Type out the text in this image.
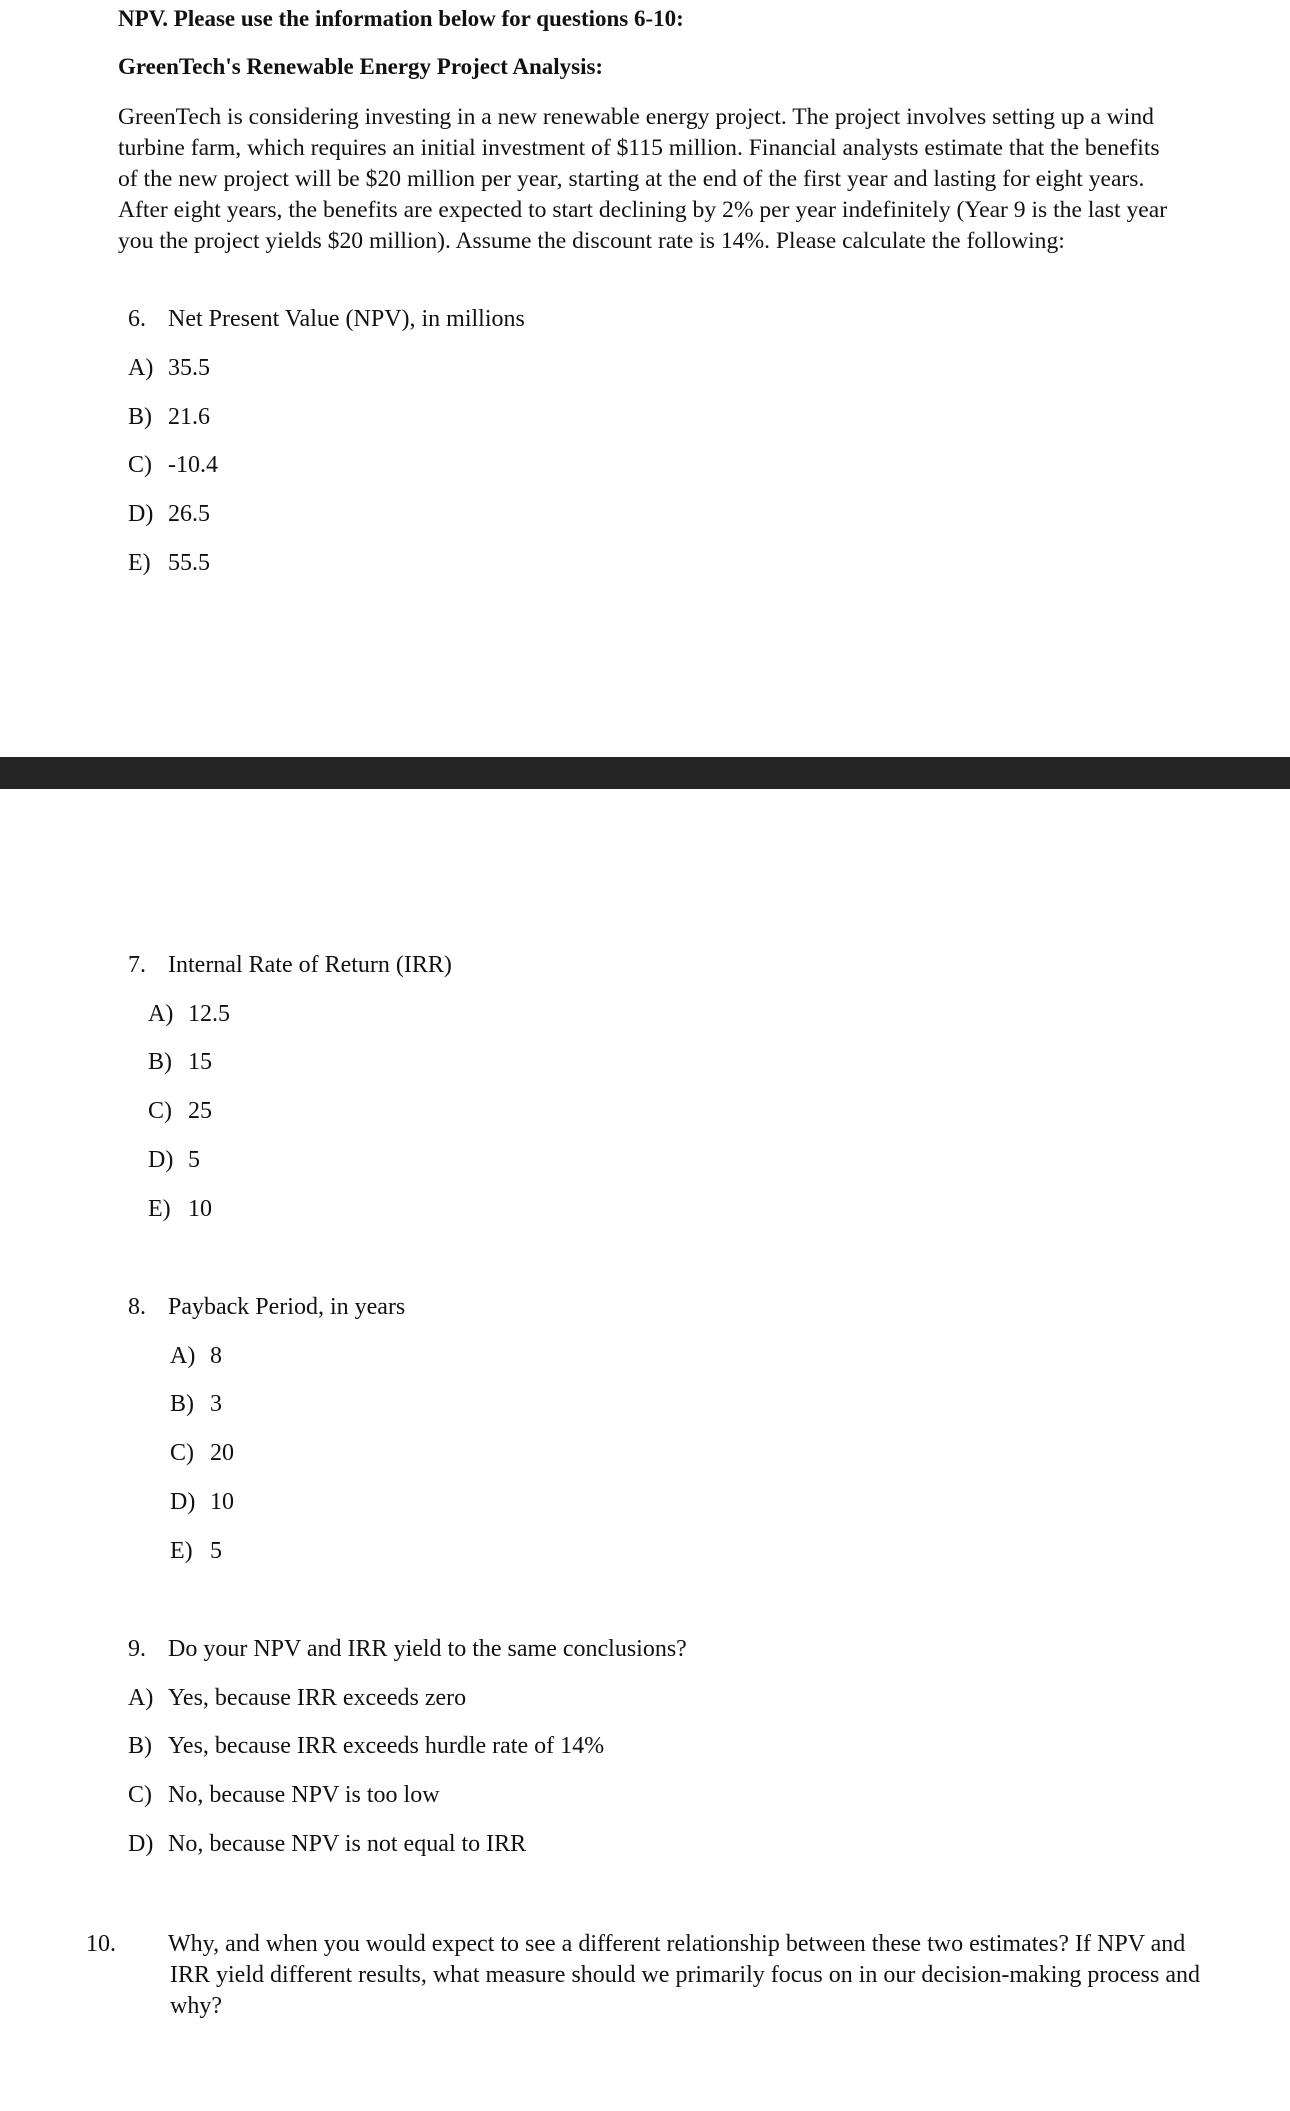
NPV. Please use the information below for questions 6-10:

GreenTech's Renewable Energy Project Analysis:

GreenTech is considering investing in a new renewable energy project. The project involves setting up a wind turbine farm, which requires an initial investment of $115 million. Financial analysts estimate that the benefits of the new project will be $20 million per year, starting at the end of the first year and lasting for eight years. After eight years, the benefits are expected to start declining by 2% per year indefinitely (Year 9 is the last year you the project yields $20 million). Assume the discount rate is 14%. Please calculate the following:

6. Net Present Value (NPV), in millions

A) 35.5

B) 21.6

C) -10.4

D) 26.5

E) 55.5

7. Internal Rate of Return (IRR)

A) 12.5

B) 15

C) 25

D) 5

E) 10

8. Payback Period, in years

A) 8

B) 3

C) 20

D) 10

E) 5

9. Do your NPV and IRR yield to the same conclusions?

A) Yes, because IRR exceeds zero

B) Yes, because IRR exceeds hurdle rate of 14%

C) No, because NPV is too low

D) No, because NPV is not equal to IRR

10. Why, and when you would expect to see a different relationship between these two estimates? If NPV and IRR yield different results, what measure should we primarily focus on in our decision-making process and why?
